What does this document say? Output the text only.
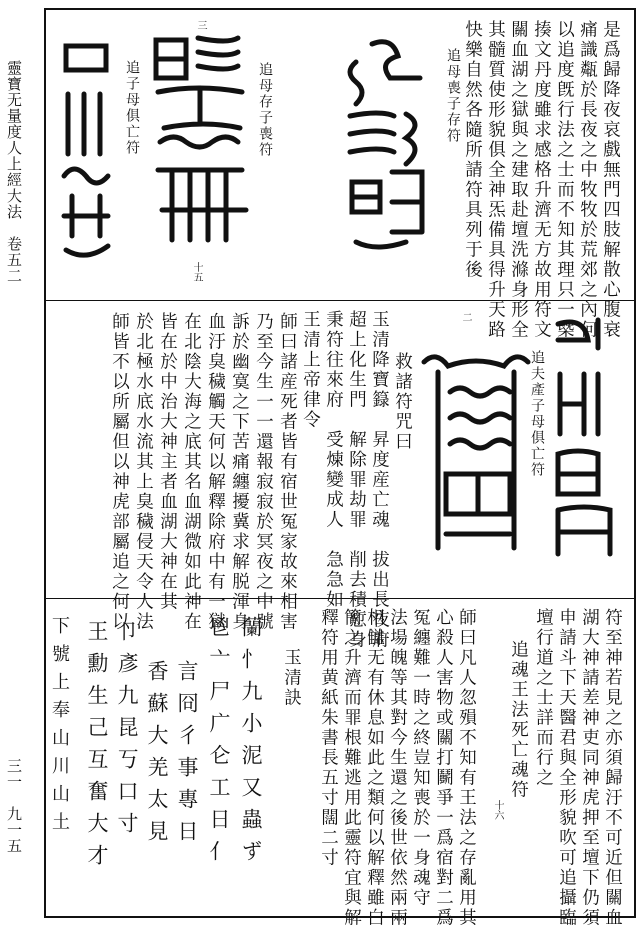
靈寶无量度人上經大法　卷五二
三一　九一五
是爲歸降夜哀戲無門四肢解散心腹衰
痛識甐於長夜之中牧牧於荒郊之內何
以追度旣行法之士而不知其理只一槩
揍文丹度雖求感格升濟无方故用符文
關血湖之獄與之建取赴壇洗滌身形全
其髓質使形貌俱全神炁備具得升天路
快樂自然各隨所請符具列于後
追母喪子存符
追母存子喪符
三
十五
追子母俱亡符
追夫產子母俱亡符
二
救諸符咒曰
玉清降寶籙　昇度産亡魂　拔出長夜府
超上化生門　解除罪劫罪　削去積愆身
秉符往來府　受煉變成人　急急如
王清上帝律令
師曰諸産死者皆有宿世冤家故來相害
乃至今生一一還報寂寂於冥夜之中號
訴於幽寞之下苦痛纏擾冀求解脱渾身
血汙臭穢觸天何以解釋除府中有一獄
在北陰大海之底其名血湖微如此神在
皆在於中治大神主者血湖大神在其
於北極水底水流其上臭穢侵天令人法
師皆不以所屬但以神虎部屬追之何以
符至神若見之亦須歸汙不可近但關血
湖大神請差神吏同神虎押至壇下仍須
申請斗下天醫君與全形貌吹可追攝臨
壇行道之士詳而行之
追魂王法死亡魂符
十六
師曰凡人忽殞不知有王法之存亂用其
心殺人害物或關打鬭爭一爲宿對二爲
冤纏難一時之終豈知喪於一身魂守
法場魄等其對今生還之後世依然兩兩
相讎无有休息如此之類何以解釋雖白
簡之升濟而罪根難逃用此靈符宜與解
釋符用黄紙朱書長五寸闊二寸
玉清訣
蘭忄九小泥又蟲ず
鬯亠尸广仑工日亻
言冏彳事專日
香蘇大羌太見
卩彥九昆丂口寸
王勳生己互奮大才
下號上奉山川山土
